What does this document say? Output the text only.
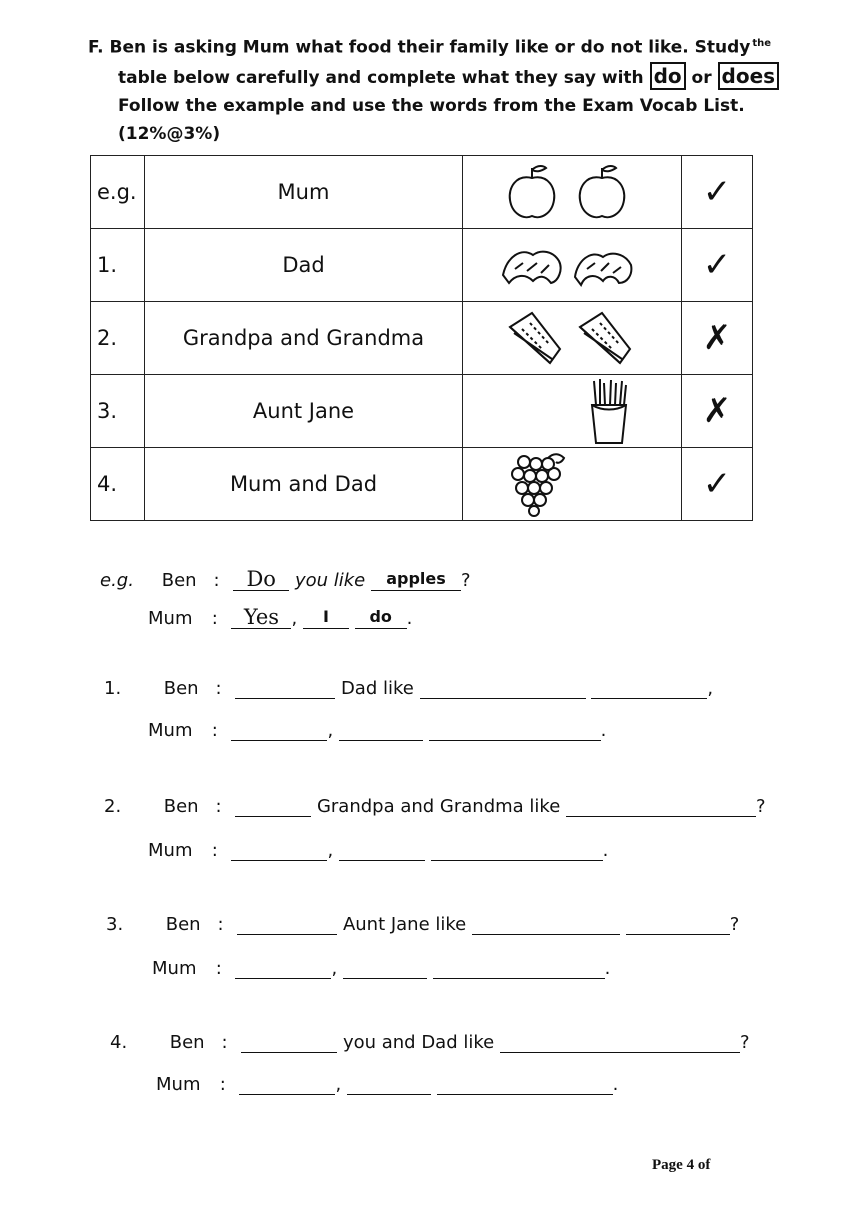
F. Ben is asking Mum what food their family like or do not like. Study $^{the}$
table below carefully and complete what they say with do or does
Follow the example and use the words from the Exam Vocab List.
(12%@3%)
e.g.	Mum		✓
1.	Dad		✓
2.	Grandpa and Grandma		✗
3.	Aunt Jane		✗
4.	Mum and Dad		✓
e.g. Ben : Do you like apples ?
Mum : Yes , I	do .
1. Ben :	Dad like	,
Mum :	,	.
2. Ben :	Grandpa and Grandma like	?
Mum :	,	.
3. Ben :	Aunt Jane like	?
Mum :	,	.
4. Ben :	you and Dad like	?
Mum :	,	.
Page 4 of
